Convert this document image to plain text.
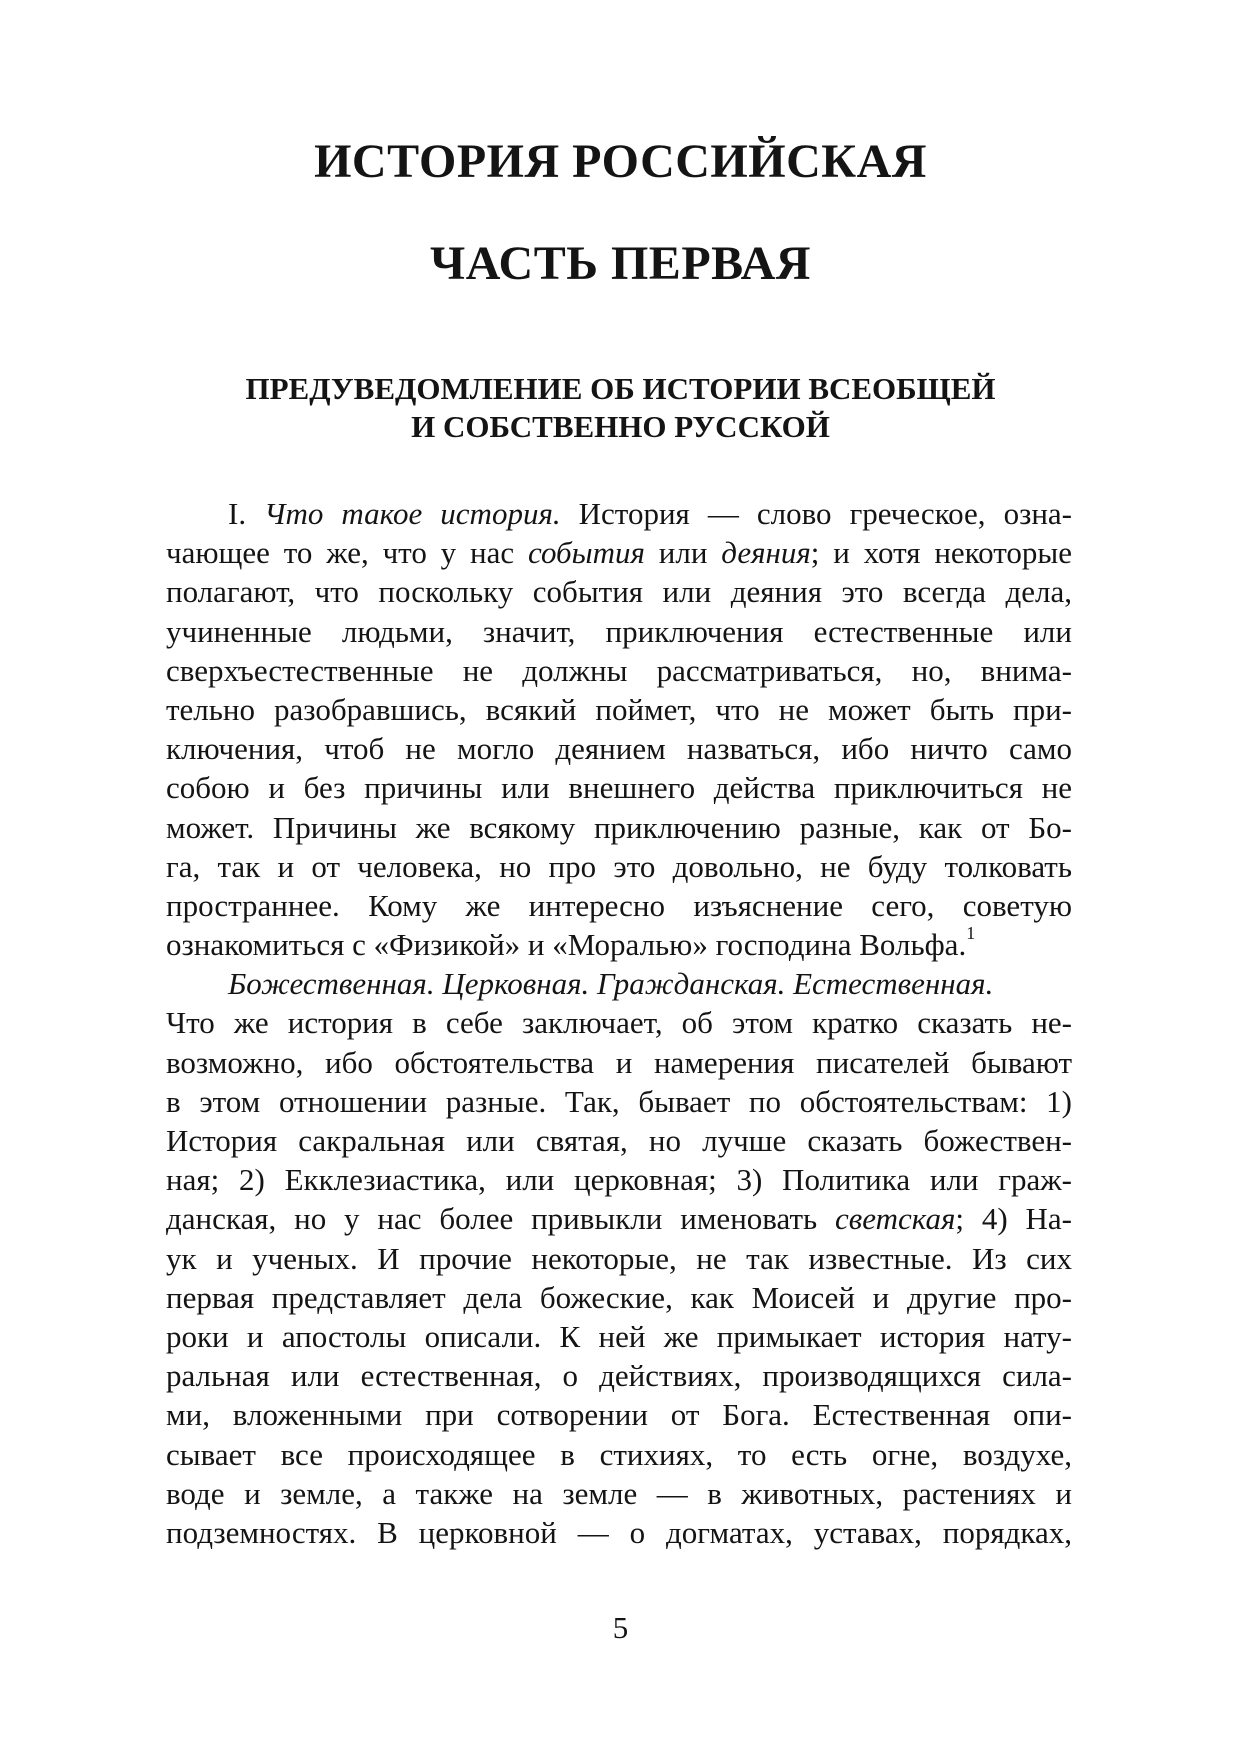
ИСТОРИЯ РОССИЙСКАЯ
ЧАСТЬ ПЕРВАЯ
ПРЕДУВЕДОМЛЕНИЕ ОБ ИСТОРИИ ВСЕОБЩЕЙ
И СОБСТВЕННО РУССКОЙ
I. Что такое история. История — слово греческое, озна-
чающее то же, что у нас события или деяния; и хотя некоторые
полагают, что поскольку события или деяния это всегда дела,
учиненные людьми, значит, приключения естественные или
сверхъестественные не должны рассматриваться, но, внима-
тельно разобравшись, всякий поймет, что не может быть при-
ключения, чтоб не могло деянием назваться, ибо ничто само
собою и без причины или внешнего действа приключиться не
может. Причины же всякому приключению разные, как от Бо-
га, так и от человека, но про это довольно, не буду толковать
пространнее. Кому же интересно изъяснение сего, советую
ознакомиться с «Физикой» и «Моралью» господина Вольфа.$^1$
Божественная. Церковная. Гражданская. Естественная.
Что же история в себе заключает, об этом кратко сказать не-
возможно, ибо обстоятельства и намерения писателей бывают
в этом отношении разные. Так, бывает по обстоятельствам: 1)
История сакральная или святая, но лучше сказать божествен-
ная; 2) Екклезиастика, или церковная; 3) Политика или граж-
данская, но у нас более привыкли именовать светская; 4) На-
ук и ученых. И прочие некоторые, не так известные. Из сих
первая представляет дела божеские, как Моисей и другие про-
роки и апостолы описали. К ней же примыкает история нату-
ральная или естественная, о действиях, производящихся сила-
ми, вложенными при сотворении от Бога. Естественная опи-
сывает все происходящее в стихиях, то есть огне, воздухе,
воде и земле, а также на земле — в животных, растениях и
подземностях. В церковной — о догматах, уставах, порядках,
5
